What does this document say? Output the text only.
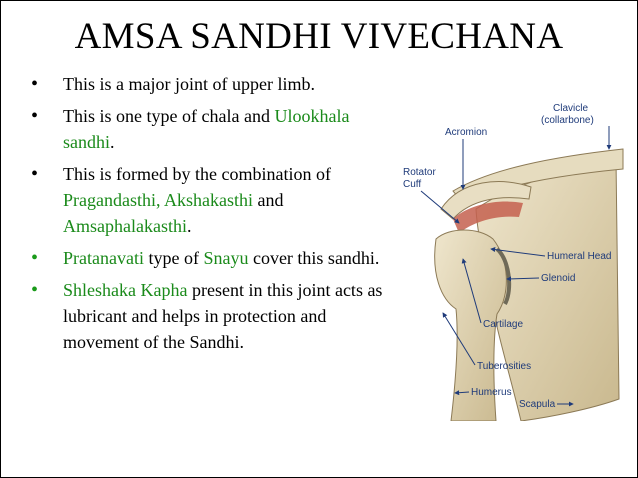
AMSA SANDHI VIVECHANA
• This is a major joint of upper limb.
• This is one type of chala and Ulookhala sandhi.
• This is formed by the combination of Pragandasthi, Akshakasthi and Amsaphalakasthi.
• Pratanavati type of Snayu cover this sandhi.
• Shleshaka Kapha present in this joint acts as lubricant and helps in protection and movement of the Sandhi.
Clavicle
(collarbone)
Acromion
Rotator
Cuff
Humeral Head
Glenoid
Cartilage
Tuberosities
Humerus
Scapula
